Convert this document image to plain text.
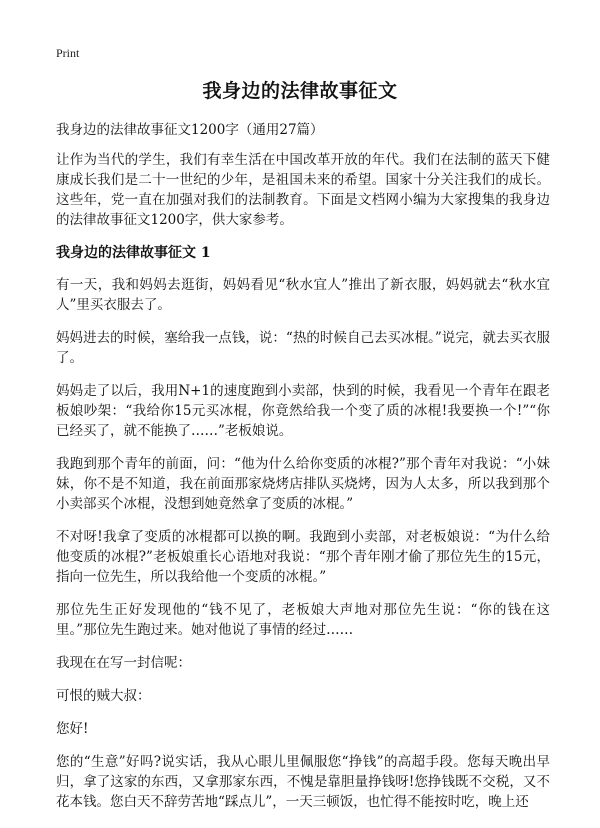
Print
我身边的法律故事征文
我身边的法律故事征文1200字（通用27篇）

让作为当代的学生，我们有幸生活在中国改革开放的年代。我们在法制的蓝天下健康成长我们是二十一世纪的少年，是祖国未来的希望。国家十分关注我们的成长。这些年，党一直在加强对我们的法制教育。下面是文档网小编为大家搜集的我身边的法律故事征文1200字，供大家参考。

我身边的法律故事征文 1

有一天，我和妈妈去逛街，妈妈看见“秋水宜人”推出了新衣服，妈妈就去“秋水宜人”里买衣服去了。

妈妈进去的时候，塞给我一点钱，说：“热的时候自己去买冰棍。”说完，就去买衣服了。

妈妈走了以后，我用N+1的速度跑到小卖部，快到的时候，我看见一个青年在跟老板娘吵架：“我给你15元买冰棍，你竟然给我一个变了质的冰棍!我要换一个!”“你已经买了，就不能换了……”老板娘说。

我跑到那个青年的前面，问：“他为什么给你变质的冰棍?”那个青年对我说：“小妹妹，你不是不知道，我在前面那家烧烤店排队买烧烤，因为人太多，所以我到那个小卖部买个冰棍，没想到她竟然拿了变质的冰棍。”

不对呀!我拿了变质的冰棍都可以换的啊。我跑到小卖部，对老板娘说：“为什么给他变质的冰棍?”老板娘重长心语地对我说：“那个青年刚才偷了那位先生的15元，指向一位先生，所以我给他一个变质的冰棍。”

那位先生正好发现他的“钱不见了，老板娘大声地对那位先生说：“你的钱在这里。”那位先生跑过来。她对他说了事情的经过……

我现在在写一封信呢：

可恨的贼大叔：

您好!

您的“生意”好吗?说实话，我从心眼儿里佩服您“挣钱”的高超手段。您每天晚出早归，拿了这家的东西，又拿那家东西，不愧是靠胆量挣钱呀!您挣钱既不交税，又不花本钱。您白天不辞劳苦地“踩点儿”，一天三顿饭，也忙得不能按时吃，晚上还
